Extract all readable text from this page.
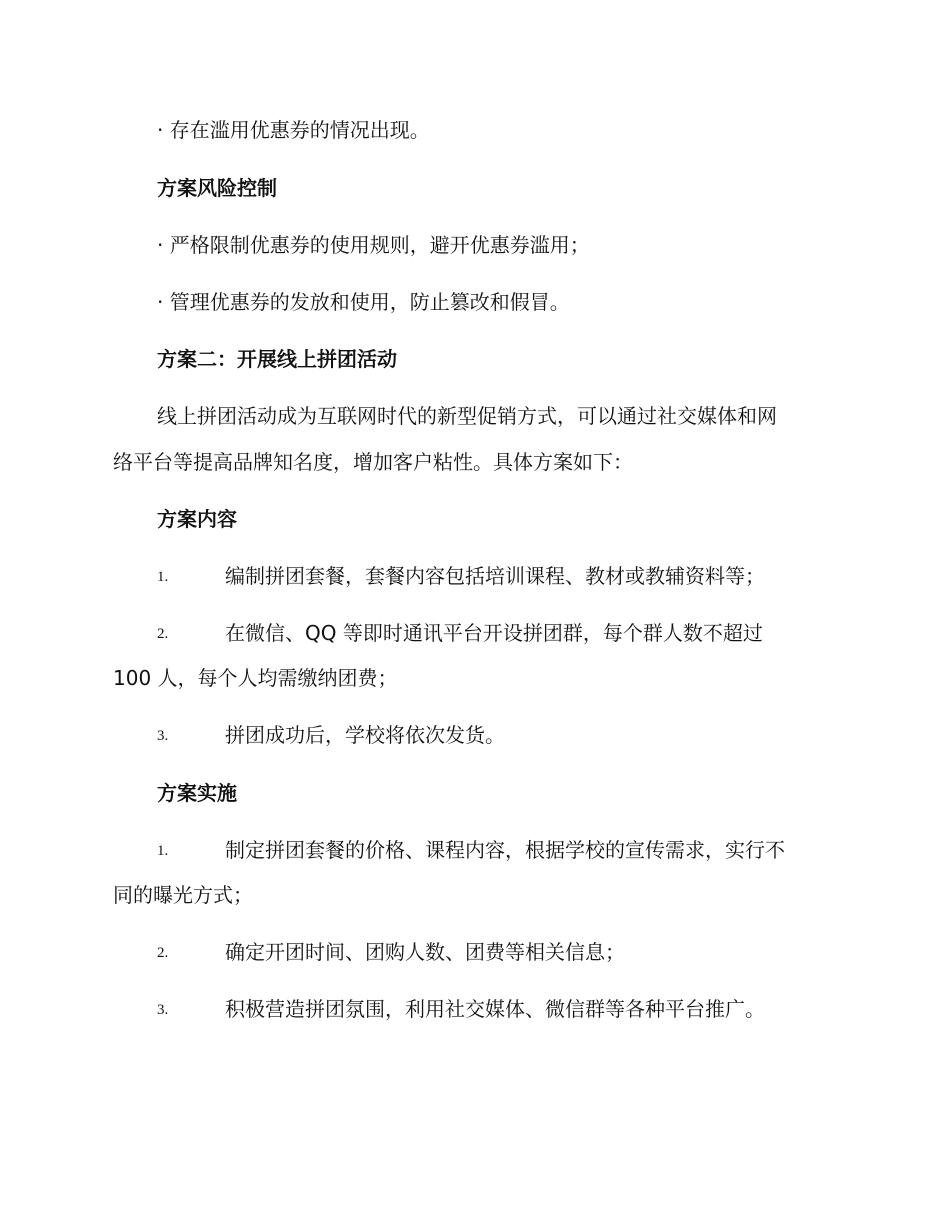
· 存在滥用优惠券的情况出现。
方案风险控制
· 严格限制优惠券的使用规则，避开优惠券滥用；
· 管理优惠券的发放和使用，防止篡改和假冒。
方案二：开展线上拼团活动
线上拼团活动成为互联网时代的新型促销方式，可以通过社交媒体和网
络平台等提高品牌知名度，增加客户粘性。具体方案如下：
方案内容
1.	编制拼团套餐，套餐内容包括培训课程、教材或教辅资料等；
2.	在微信、QQ 等即时通讯平台开设拼团群，每个群人数不超过
100 人，每个人均需缴纳团费；
3.	拼团成功后，学校将依次发货。
方案实施
1.	制定拼团套餐的价格、课程内容，根据学校的宣传需求，实行不
同的曝光方式；
2.	确定开团时间、团购人数、团费等相关信息；
3.	积极营造拼团氛围，利用社交媒体、微信群等各种平台推广。
